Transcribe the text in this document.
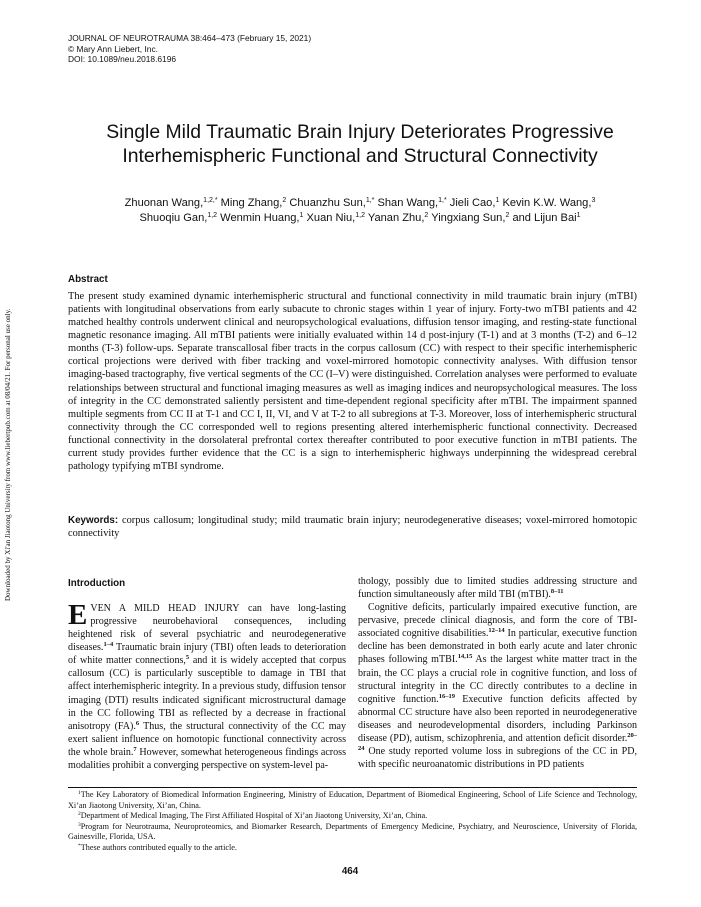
JOURNAL OF NEUROTRAUMA 38:464–473 (February 15, 2021)
© Mary Ann Liebert, Inc.
DOI: 10.1089/neu.2018.6196
Single Mild Traumatic Brain Injury Deteriorates Progressive
Interhemispheric Functional and Structural Connectivity
Zhuonan Wang,$^{1,2,*}$ Ming Zhang,$^2$ Chuanzhu Sun,$^{1,*}$ Shan Wang,$^{1,*}$ Jieli Cao,$^1$ Kevin K.W. Wang,$^3$
Shuoqiu Gan,$^{1,2}$ Wenmin Huang,$^1$ Xuan Niu,$^{1,2}$ Yanan Zhu,$^2$ Yingxiang Sun,$^2$ and Lijun Bai$^1$
Abstract
The present study examined dynamic interhemispheric structural and functional connectivity in mild traumatic brain injury (mTBI) patients with longitudinal observations from early subacute to chronic stages within 1 year of injury. Forty-two mTBI patients and 42 matched healthy controls underwent clinical and neuropsychological evaluations, diffusion tensor imaging, and resting-state functional magnetic resonance imaging. All mTBI patients were initially evaluated within 14 d post-injury (T-1) and at 3 months (T-2) and 6–12 months (T-3) follow-ups. Separate transcallosal fiber tracts in the corpus callosum (CC) with respect to their specific interhemispheric cortical projections were derived with fiber tracking and voxel-mirrored homotopic connectivity analyses. With diffusion tensor imaging-based tractography, five vertical segments of the CC (I–V) were distinguished. Correlation analyses were performed to evaluate relationships between structural and functional imaging measures as well as imaging indices and neuropsychological measures. The loss of integrity in the CC demonstrated saliently persistent and time-dependent regional specificity after mTBI. The impairment spanned multiple segments from CC II at T-1 and CC I, II, VI, and V at T-2 to all subregions at T-3. Moreover, loss of interhemispheric structural connectivity through the CC corresponded well to regions presenting altered interhemispheric functional connectivity. Decreased functional connectivity in the dorsolateral prefrontal cortex thereafter contributed to poor executive function in mTBI patients. The current study provides further evidence that the CC is a sign to interhemispheric highways underpinning the widespread cerebral pathology typifying mTBI syndrome.
Keywords: corpus callosum; longitudinal study; mild traumatic brain injury; neurodegenerative diseases; voxel-mirrored homotopic connectivity
Introduction

EVEN A MILD HEAD INJURY can have long-lasting progressive neurobehavioral consequences, including heightened risk of several psychiatric and neurodegenerative diseases.$^{1-4}$ Traumatic brain injury (TBI) often leads to deterioration of white matter connections,$^5$ and it is widely accepted that corpus callosum (CC) is particularly susceptible to damage in TBI that affect interhemispheric integrity. In a previous study, diffusion tensor imaging (DTI) results indicated significant microstructural damage in the CC following TBI as reflected by a decrease in fractional anisotropy (FA).$^6$ Thus, the structural connectivity of the CC may exert salient influence on homotopic functional connectivity across the whole brain.$^7$ However, somewhat heterogeneous findings across modalities prohibit a converging perspective on system-level pa-

thology, possibly due to limited studies addressing structure and function simultaneously after mild TBI (mTBI).$^{8-11}$

Cognitive deficits, particularly impaired executive function, are pervasive, precede clinical diagnosis, and form the core of TBI-associated cognitive disabilities.$^{12-14}$ In particular, executive function decline has been demonstrated in both early acute and later chronic phases following mTBI.$^{14,15}$ As the largest white matter tract in the brain, the CC plays a crucial role in cognitive function, and loss of structural integrity in the CC directly contributes to a decline in cognitive function.$^{16-19}$ Executive function deficits affected by abnormal CC structure have also been reported in neurodegenerative diseases and neurodevelopmental disorders, including Parkinson disease (PD), autism, schizophrenia, and attention deficit disorder.$^{20-24}$ One study reported volume loss in subregions of the CC in PD, with specific neuroanatomic distributions in PD patients

$^1$The Key Laboratory of Biomedical Information Engineering, Ministry of Education, Department of Biomedical Engineering, School of Life Science and Technology, Xi’an Jiaotong University, Xi’an, China.

$^2$Department of Medical Imaging, The First Affiliated Hospital of Xi’an Jiaotong University, Xi’an, China.

$^3$Program for Neurotrauma, Neuroproteomics, and Biomarker Research, Departments of Emergency Medicine, Psychiatry, and Neuroscience, University of Florida, Gainesville, Florida, USA.

*These authors contributed equally to the article.

464
Downloaded by Xi'an Jiaotong University from www.liebertpub.com at 08/04/21. For personal use only.
